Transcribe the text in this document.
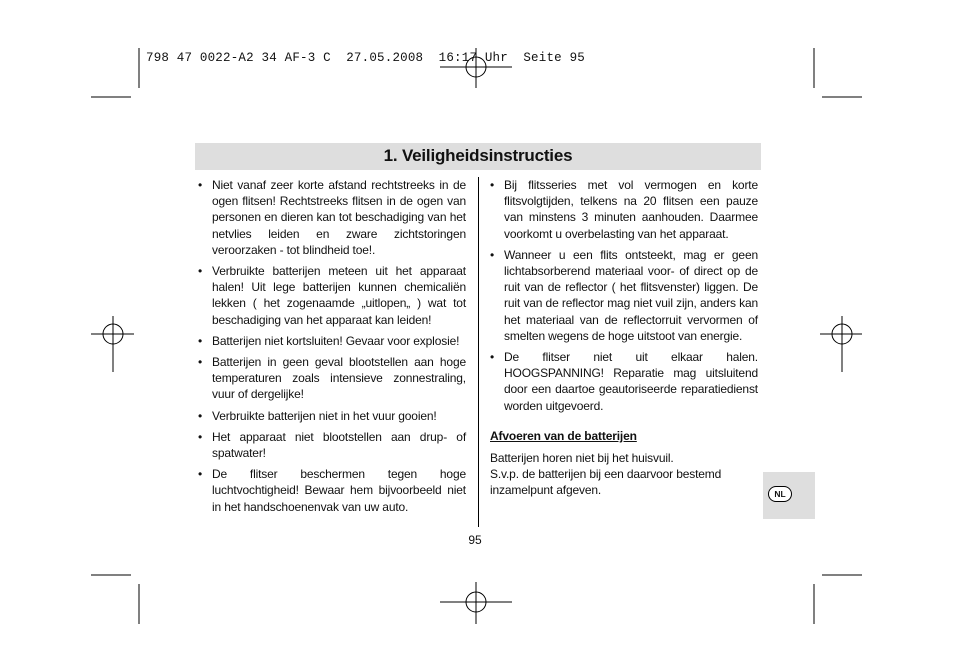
798 47 0022-A2 34 AF-3 C  27.05.2008  16:17 Uhr  Seite 95
1. Veiligheidsinstructies
• Niet vanaf zeer korte afstand rechtstreeks in de ogen flitsen! Rechtstreeks flitsen in de ogen van personen en dieren kan tot beschadiging van het netvlies leiden en zware zichtstoringen veroorzaken - tot blindheid toe!.
• Verbruikte batterijen meteen uit het apparaat halen! Uit lege batterijen kunnen chemicaliën lekken ( het zogenaamde „uitlopen„ ) wat tot beschadiging van het apparaat kan leiden!
• Batterijen niet kortsluiten! Gevaar voor explosie!
• Batterijen in geen geval blootstellen aan hoge temperaturen zoals intensieve zonnestraling, vuur of dergelijke!
• Verbruikte batterijen niet in het vuur gooien!
• Het apparaat niet blootstellen aan drup- of spatwater!
• De flitser beschermen tegen hoge luchtvochtigheid! Bewaar hem bijvoorbeeld niet in het handschoenenvak van uw auto.
• Bij flitsseries met vol vermogen en korte flitsvolgtijden, telkens na 20 flitsen een pauze van minstens 3 minuten aanhouden. Daarmee voorkomt u overbelasting van het apparaat.
• Wanneer u een flits ontsteekt, mag er geen lichtabsorberend materiaal voor- of direct op de ruit van de reflector ( het flitsvenster) liggen. De ruit van de reflector mag niet vuil zijn, anders kan het materiaal van de reflectorruit vervormen of smelten wegens de hoge uitstoot van energie.
• De flitser niet uit elkaar halen. HOOGSPANNING! Reparatie mag uitsluitend door een daartoe geautoriseerde reparatiedienst worden uitgevoerd.
Afvoeren van de batterijen
Batterijen horen niet bij het huisvuil.
S.v.p. de batterijen bij een daarvoor bestemd inzamelpunt afgeven.	NL
95
